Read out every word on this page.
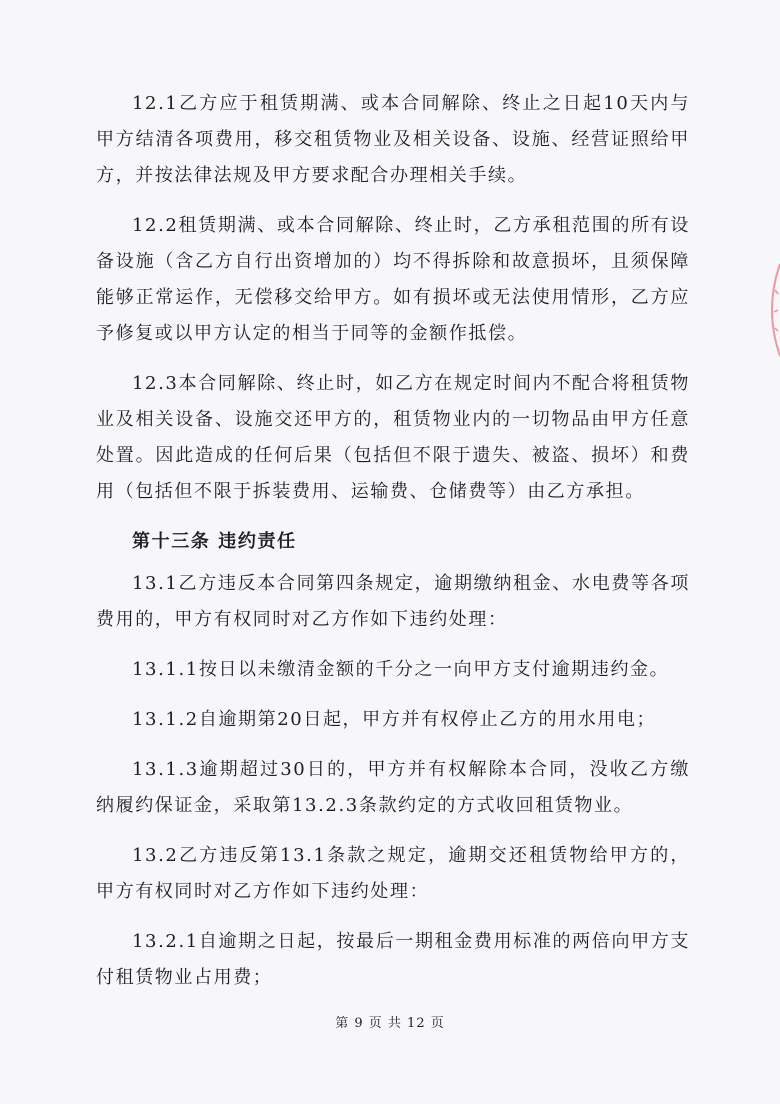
12.1乙方应于租赁期满、或本合同解除、终止之日起10天内与甲方结清各项费用，移交租赁物业及相关设备、设施、经营证照给甲方，并按法律法规及甲方要求配合办理相关手续。

12.2租赁期满、或本合同解除、终止时，乙方承租范围的所有设备设施（含乙方自行出资增加的）均不得拆除和故意损坏，且须保障能够正常运作，无偿移交给甲方。如有损坏或无法使用情形，乙方应予修复或以甲方认定的相当于同等的金额作抵偿。

12.3本合同解除、终止时，如乙方在规定时间内不配合将租赁物业及相关设备、设施交还甲方的，租赁物业内的一切物品由甲方任意处置。因此造成的任何后果（包括但不限于遗失、被盗、损坏）和费用（包括但不限于拆装费用、运输费、仓储费等）由乙方承担。

第十三条 违约责任

13.1乙方违反本合同第四条规定，逾期缴纳租金、水电费等各项费用的，甲方有权同时对乙方作如下违约处理：

13.1.1按日以未缴清金额的千分之一向甲方支付逾期违约金。

13.1.2自逾期第20日起，甲方并有权停止乙方的用水用电；

13.1.3逾期超过30日的，甲方并有权解除本合同，没收乙方缴纳履约保证金，采取第13.2.3条款约定的方式收回租赁物业。

13.2乙方违反第13.1条款之规定，逾期交还租赁物给甲方的，甲方有权同时对乙方作如下违约处理：

13.2.1自逾期之日起，按最后一期租金费用标准的两倍向甲方支付租赁物业占用费；

第 9 页 共 12 页
